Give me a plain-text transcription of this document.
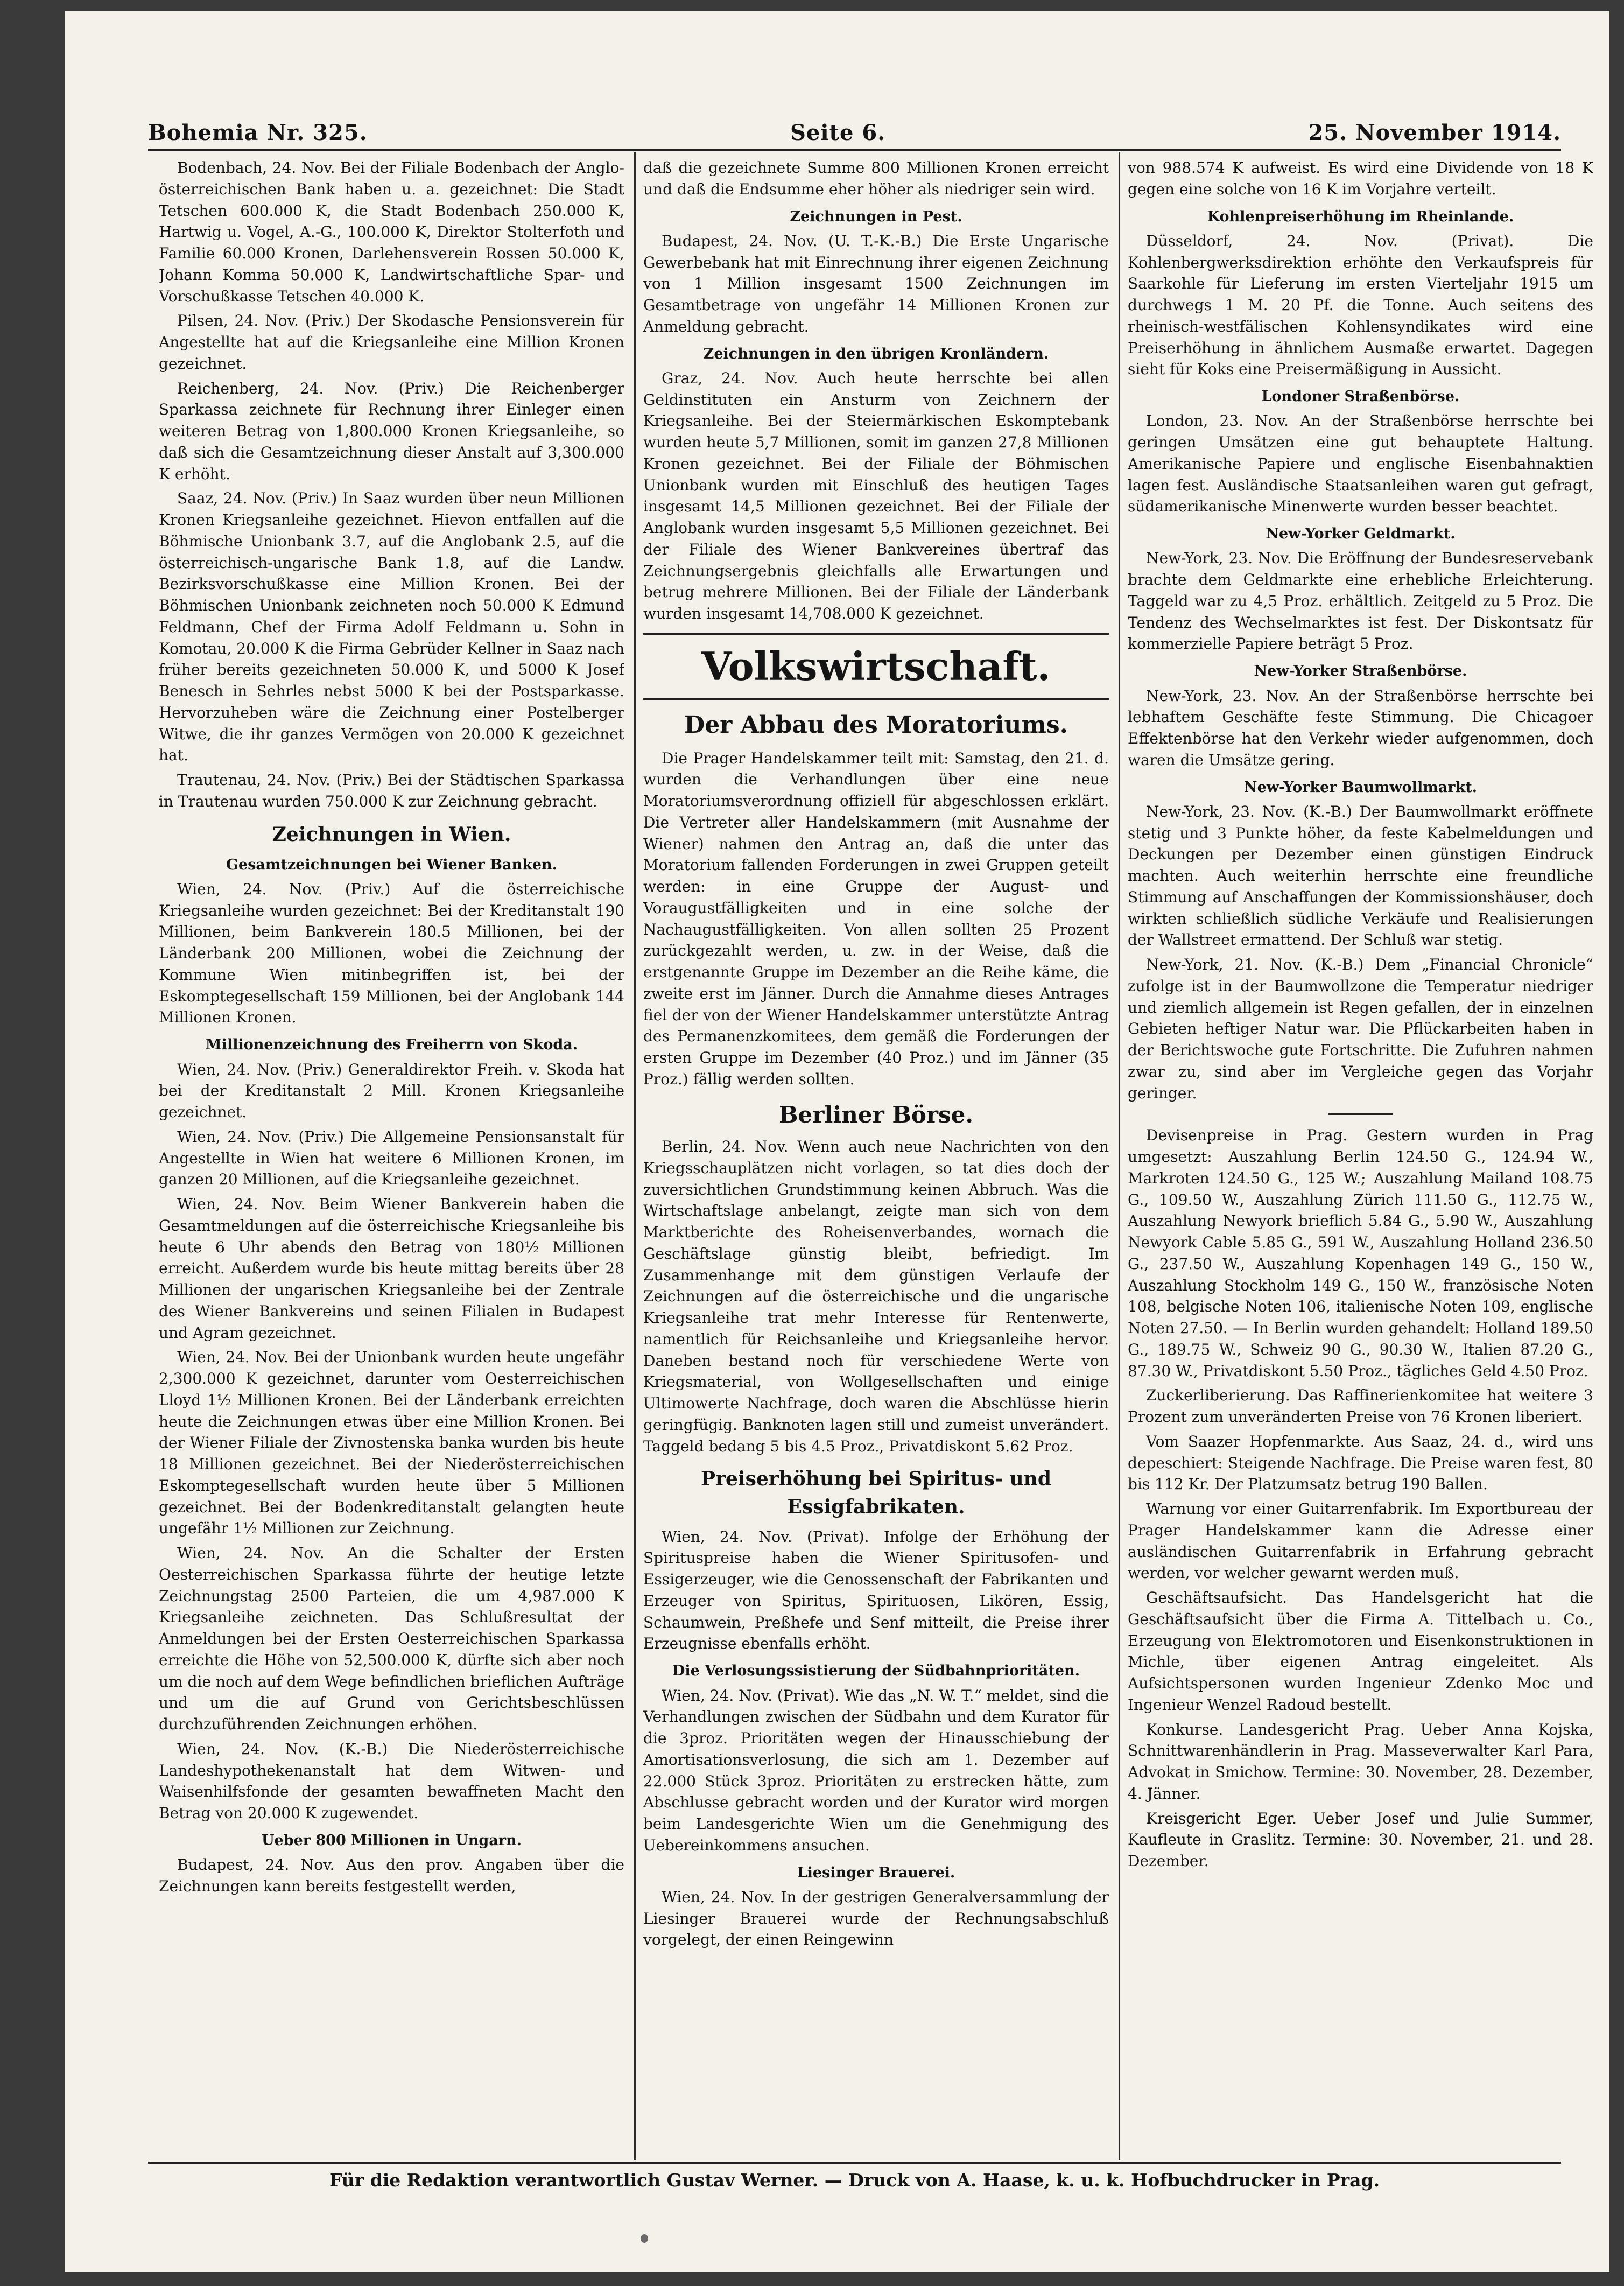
Bohemia Nr. 325.	Seite 6.	25. November 1914.

Bodenbach, 24. Nov. Bei der Filiale Bodenbach der Anglo-österreichischen Bank haben u. a. gezeichnet: Die Stadt Tetschen 600.000 K, die Stadt Bodenbach 250.000 K, Hartwig u. Vogel, A.-G., 100.000 K, Direktor Stolterfoth und Familie 60.000 Kronen, Darlehensverein Rossen 50.000 K, Johann Komma 50.000 K, Landwirtschaftliche Spar- und Vorschußkasse Tetschen 40.000 K.

Pilsen, 24. Nov. (Priv.) Der Skodasche Pensionsverein für Angestellte hat auf die Kriegsanleihe eine Million Kronen gezeichnet.

Reichenberg, 24. Nov. (Priv.) Die Reichenberger Sparkassa zeichnete für Rechnung ihrer Einleger einen weiteren Betrag von 1,800.000 Kronen Kriegsanleihe, so daß sich die Gesamtzeichnung dieser Anstalt auf 3,300.000 K erhöht.

Saaz, 24. Nov. (Priv.) In Saaz wurden über neun Millionen Kronen Kriegsanleihe gezeichnet. Hievon entfallen auf die Böhmische Unionbank 3.7, auf die Anglobank 2.5, auf die österreichisch-ungarische Bank 1.8, auf die Landw. Bezirksvorschußkasse eine Million Kronen. Bei der Böhmischen Unionbank zeichneten noch 50.000 K Edmund Feldmann, Chef der Firma Adolf Feldmann u. Sohn in Komotau, 20.000 K die Firma Gebrüder Kellner in Saaz nach früher bereits gezeichneten 50.000 K, und 5000 K Josef Benesch in Sehrles nebst 5000 K bei der Postsparkasse. Hervorzuheben wäre die Zeichnung einer Postelberger Witwe, die ihr ganzes Vermögen von 20.000 K gezeichnet hat.

Trautenau, 24. Nov. (Priv.) Bei der Städtischen Sparkassa in Trautenau wurden 750.000 K zur Zeichnung gebracht.

Zeichnungen in Wien.
Gesamtzeichnungen bei Wiener Banken.

Wien, 24. Nov. (Priv.) Auf die österreichische Kriegsanleihe wurden gezeichnet: Bei der Kreditanstalt 190 Millionen, beim Bankverein 180.5 Millionen, bei der Länderbank 200 Millionen, wobei die Zeichnung der Kommune Wien mitinbegriffen ist, bei der Eskomptegesellschaft 159 Millionen, bei der Anglobank 144 Millionen Kronen.

Millionenzeichnung des Freiherrn von Skoda.

Wien, 24. Nov. (Priv.) Generaldirektor Freih. v. Skoda hat bei der Kreditanstalt 2 Mill. Kronen Kriegsanleihe gezeichnet.

Wien, 24. Nov. (Priv.) Die Allgemeine Pensionsanstalt für Angestellte in Wien hat weitere 6 Millionen Kronen, im ganzen 20 Millionen, auf die Kriegsanleihe gezeichnet.

Wien, 24. Nov. Beim Wiener Bankverein haben die Gesamtmeldungen auf die österreichische Kriegsanleihe bis heute 6 Uhr abends den Betrag von 180½ Millionen erreicht. Außerdem wurde bis heute mittag bereits über 28 Millionen der ungarischen Kriegsanleihe bei der Zentrale des Wiener Bankvereins und seinen Filialen in Budapest und Agram gezeichnet.

Wien, 24. Nov. Bei der Unionbank wurden heute ungefähr 2,300.000 K gezeichnet, darunter vom Oesterreichischen Lloyd 1½ Millionen Kronen. Bei der Länderbank erreichten heute die Zeichnungen etwas über eine Million Kronen. Bei der Wiener Filiale der Zivnostenska banka wurden bis heute 18 Millionen gezeichnet. Bei der Niederösterreichischen Eskomptegesellschaft wurden heute über 5 Millionen gezeichnet. Bei der Bodenkreditanstalt gelangten heute ungefähr 1½ Millionen zur Zeichnung.

Wien, 24. Nov. An die Schalter der Ersten Oesterreichischen Sparkassa führte der heutige letzte Zeichnungstag 2500 Parteien, die um 4,987.000 K Kriegsanleihe zeichneten. Das Schlußresultat der Anmeldungen bei der Ersten Oesterreichischen Sparkassa erreichte die Höhe von 52,500.000 K, dürfte sich aber noch um die noch auf dem Wege befindlichen brieflichen Aufträge und um die auf Grund von Gerichtsbeschlüssen durchzuführenden Zeichnungen erhöhen.

Wien, 24. Nov. (K.-B.) Die Niederösterreichische Landeshypothekenanstalt hat dem Witwen- und Waisenhilfsfonde der gesamten bewaffneten Macht den Betrag von 20.000 K zugewendet.

Ueber 800 Millionen in Ungarn.

Budapest, 24. Nov. Aus den prov. Angaben über die Zeichnungen kann bereits festgestellt werden,

daß die gezeichnete Summe 800 Millionen Kronen erreicht und daß die Endsumme eher höher als niedriger sein wird.

Zeichnungen in Pest.

Budapest, 24. Nov. (U. T.-K.-B.) Die Erste Ungarische Gewerbebank hat mit Einrechnung ihrer eigenen Zeichnung von 1 Million insgesamt 1500 Zeichnungen im Gesamtbetrage von ungefähr 14 Millionen Kronen zur Anmeldung gebracht.

Zeichnungen in den übrigen Kronländern.

Graz, 24. Nov. Auch heute herrschte bei allen Geldinstituten ein Ansturm von Zeichnern der Kriegsanleihe. Bei der Steiermärkischen Eskomptebank wurden heute 5,7 Millionen, somit im ganzen 27,8 Millionen Kronen gezeichnet. Bei der Filiale der Böhmischen Unionbank wurden mit Einschluß des heutigen Tages insgesamt 14,5 Millionen gezeichnet. Bei der Filiale der Anglobank wurden insgesamt 5,5 Millionen gezeichnet. Bei der Filiale des Wiener Bankvereines übertraf das Zeichnungsergebnis gleichfalls alle Erwartungen und betrug mehrere Millionen. Bei der Filiale der Länderbank wurden insgesamt 14,708.000 K gezeichnet.

Volkswirtschaft.
Der Abbau des Moratoriums.

Die Prager Handelskammer teilt mit: Samstag, den 21. d. wurden die Verhandlungen über eine neue Moratoriumsverordnung offiziell für abgeschlossen erklärt. Die Vertreter aller Handelskammern (mit Ausnahme der Wiener) nahmen den Antrag an, daß die unter das Moratorium fallenden Forderungen in zwei Gruppen geteilt werden: in eine Gruppe der August- und Voraugustfälligkeiten und in eine solche der Nachaugustfälligkeiten. Von allen sollten 25 Prozent zurückgezahlt werden, u. zw. in der Weise, daß die erstgenannte Gruppe im Dezember an die Reihe käme, die zweite erst im Jänner. Durch die Annahme dieses Antrages fiel der von der Wiener Handelskammer unterstützte Antrag des Permanenzkomitees, dem gemäß die Forderungen der ersten Gruppe im Dezember (40 Proz.) und im Jänner (35 Proz.) fällig werden sollten.

Berliner Börse.

Berlin, 24. Nov. Wenn auch neue Nachrichten von den Kriegsschauplätzen nicht vorlagen, so tat dies doch der zuversichtlichen Grundstimmung keinen Abbruch. Was die Wirtschaftslage anbelangt, zeigte man sich von dem Marktberichte des Roheisenverbandes, wornach die Geschäftslage günstig bleibt, befriedigt. Im Zusammenhange mit dem günstigen Verlaufe der Zeichnungen auf die österreichische und die ungarische Kriegsanleihe trat mehr Interesse für Rentenwerte, namentlich für Reichsanleihe und Kriegsanleihe hervor. Daneben bestand noch für verschiedene Werte von Kriegsmaterial, von Wollgesellschaften und einige Ultimowerte Nachfrage, doch waren die Abschlüsse hierin geringfügig. Banknoten lagen still und zumeist unverändert. Taggeld bedang 5 bis 4.5 Proz., Privatdiskont 5.62 Proz.

Preiserhöhung bei Spiritus- und Essigfabrikaten.

Wien, 24. Nov. (Privat). Infolge der Erhöhung der Spirituspreise haben die Wiener Spiritusofen- und Essigerzeuger, wie die Genossenschaft der Fabrikanten und Erzeuger von Spiritus, Spirituosen, Likören, Essig, Schaumwein, Preßhefe und Senf mitteilt, die Preise ihrer Erzeugnisse ebenfalls erhöht.

Die Verlosungssistierung der Südbahnprioritäten.

Wien, 24. Nov. (Privat). Wie das „N. W. T.“ meldet, sind die Verhandlungen zwischen der Südbahn und dem Kurator für die 3proz. Prioritäten wegen der Hinausschiebung der Amortisationsverlosung, die sich am 1. Dezember auf 22.000 Stück 3proz. Prioritäten zu erstrecken hätte, zum Abschlusse gebracht worden und der Kurator wird morgen beim Landesgerichte Wien um die Genehmigung des Uebereinkommens ansuchen.

Liesinger Brauerei.

Wien, 24. Nov. In der gestrigen Generalversammlung der Liesinger Brauerei wurde der Rechnungsabschluß vorgelegt, der einen Reingewinn

von 988.574 K aufweist. Es wird eine Dividende von 18 K gegen eine solche von 16 K im Vorjahre verteilt.

Kohlenpreiserhöhung im Rheinlande.

Düsseldorf, 24. Nov. (Privat). Die Kohlenbergwerksdirektion erhöhte den Verkaufspreis für Saarkohle für Lieferung im ersten Vierteljahr 1915 um durchwegs 1 M. 20 Pf. die Tonne. Auch seitens des rheinisch-westfälischen Kohlensyndikates wird eine Preiserhöhung in ähnlichem Ausmaße erwartet. Dagegen sieht für Koks eine Preisermäßigung in Aussicht.

Londoner Straßenbörse.

London, 23. Nov. An der Straßenbörse herrschte bei geringen Umsätzen eine gut behauptete Haltung. Amerikanische Papiere und englische Eisenbahnaktien lagen fest. Ausländische Staatsanleihen waren gut gefragt, südamerikanische Minenwerte wurden besser beachtet.

New-Yorker Geldmarkt.

New-York, 23. Nov. Die Eröffnung der Bundesreservebank brachte dem Geldmarkte eine erhebliche Erleichterung. Taggeld war zu 4,5 Proz. erhältlich. Zeitgeld zu 5 Proz. Die Tendenz des Wechselmarktes ist fest. Der Diskontsatz für kommerzielle Papiere beträgt 5 Proz.

New-Yorker Straßenbörse.

New-York, 23. Nov. An der Straßenbörse herrschte bei lebhaftem Geschäfte feste Stimmung. Die Chicagoer Effektenbörse hat den Verkehr wieder aufgenommen, doch waren die Umsätze gering.

New-Yorker Baumwollmarkt.

New-York, 23. Nov. (K.-B.) Der Baumwollmarkt eröffnete stetig und 3 Punkte höher, da feste Kabelmeldungen und Deckungen per Dezember einen günstigen Eindruck machten. Auch weiterhin herrschte eine freundliche Stimmung auf Anschaffungen der Kommissionshäuser, doch wirkten schließlich südliche Verkäufe und Realisierungen der Wallstreet ermattend. Der Schluß war stetig.

New-York, 21. Nov. (K.-B.) Dem „Financial Chronicle“ zufolge ist in der Baumwollzone die Temperatur niedriger und ziemlich allgemein ist Regen gefallen, der in einzelnen Gebieten heftiger Natur war. Die Pflückarbeiten haben in der Berichtswoche gute Fortschritte. Die Zufuhren nahmen zwar zu, sind aber im Vergleiche gegen das Vorjahr geringer.

Devisenpreise in Prag. Gestern wurden in Prag umgesetzt: Auszahlung Berlin 124.50 G., 124.94 W., Markroten 124.50 G., 125 W.; Auszahlung Mailand 108.75 G., 109.50 W., Auszahlung Zürich 111.50 G., 112.75 W., Auszahlung Newyork brieflich 5.84 G., 5.90 W., Auszahlung Newyork Cable 5.85 G., 591 W., Auszahlung Holland 236.50 G., 237.50 W., Auszahlung Kopenhagen 149 G., 150 W., Auszahlung Stockholm 149 G., 150 W., französische Noten 108, belgische Noten 106, italienische Noten 109, englische Noten 27.50. — In Berlin wurden gehandelt: Holland 189.50 G., 189.75 W., Schweiz 90 G., 90.30 W., Italien 87.20 G., 87.30 W., Privatdiskont 5.50 Proz., tägliches Geld 4.50 Proz.

Zuckerliberierung. Das Raffinerienkomitee hat weitere 3 Prozent zum unveränderten Preise von 76 Kronen liberiert.

Vom Saazer Hopfenmarkte. Aus Saaz, 24. d., wird uns depeschiert: Steigende Nachfrage. Die Preise waren fest, 80 bis 112 Kr. Der Platzumsatz betrug 190 Ballen.

Warnung vor einer Guitarrenfabrik. Im Exportbureau der Prager Handelskammer kann die Adresse einer ausländischen Guitarrenfabrik in Erfahrung gebracht werden, vor welcher gewarnt werden muß.

Geschäftsaufsicht. Das Handelsgericht hat die Geschäftsaufsicht über die Firma A. Tittelbach u. Co., Erzeugung von Elektromotoren und Eisenkonstruktionen in Michle, über eigenen Antrag eingeleitet. Als Aufsichtspersonen wurden Ingenieur Zdenko Moc und Ingenieur Wenzel Radoud bestellt.

Konkurse. Landesgericht Prag. Ueber Anna Kojska, Schnittwarenhändlerin in Prag. Masseverwalter Karl Para, Advokat in Smichow. Termine: 30. November, 28. Dezember, 4. Jänner.

Kreisgericht Eger. Ueber Josef und Julie Summer, Kaufleute in Graslitz. Termine: 30. November, 21. und 28. Dezember.

Für die Redaktion verantwortlich Gustav Werner. — Druck von A. Haase, k. u. k. Hofbuchdrucker in Prag.
